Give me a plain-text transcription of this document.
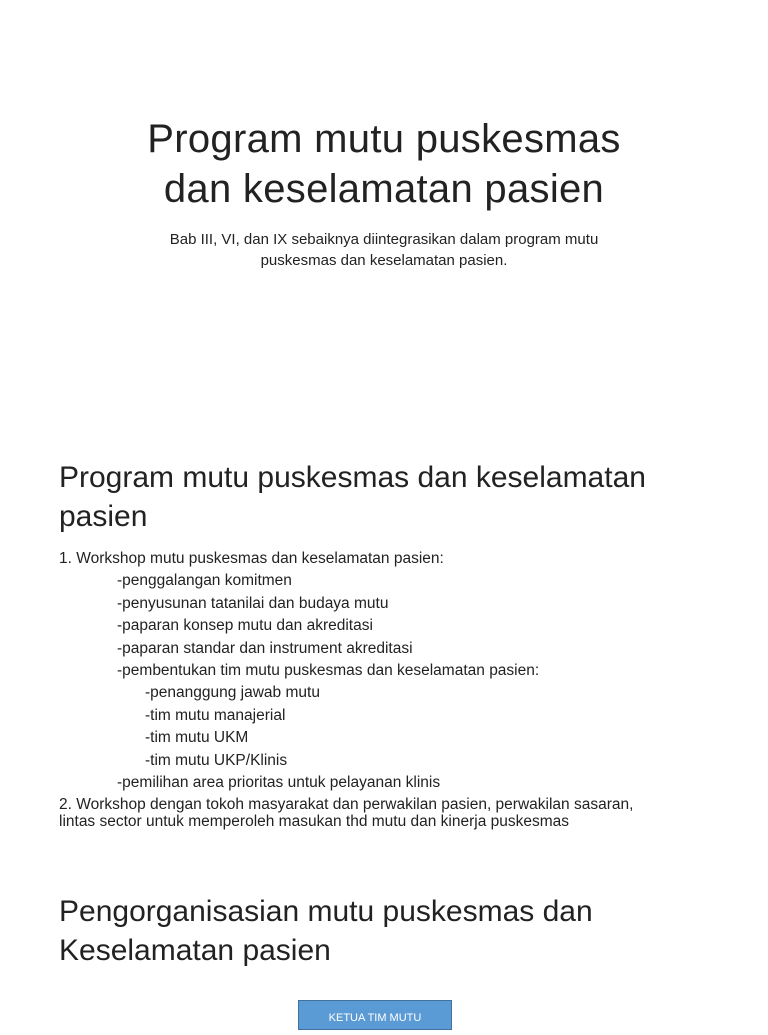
Program mutu puskesmas
dan keselamatan pasien
Bab III, VI, dan IX sebaiknya diintegrasikan dalam program mutu
puskesmas dan keselamatan pasien.
Program mutu puskesmas dan keselamatan
pasien
1. Workshop mutu puskesmas dan keselamatan pasien:
-penggalangan komitmen
-penyusunan tatanilai dan budaya mutu
-paparan konsep mutu dan akreditasi
-paparan standar dan instrument akreditasi
-pembentukan tim mutu puskesmas dan keselamatan pasien:
-penanggung jawab mutu
-tim mutu manajerial
-tim mutu UKM
-tim mutu UKP/Klinis
-pemilihan area prioritas untuk pelayanan klinis
2. Workshop dengan tokoh masyarakat dan perwakilan pasien, perwakilan sasaran,
lintas sector untuk memperoleh masukan thd mutu dan kinerja puskesmas
Pengorganisasian mutu puskesmas dan
Keselamatan pasien
KETUA TIM MUTU
